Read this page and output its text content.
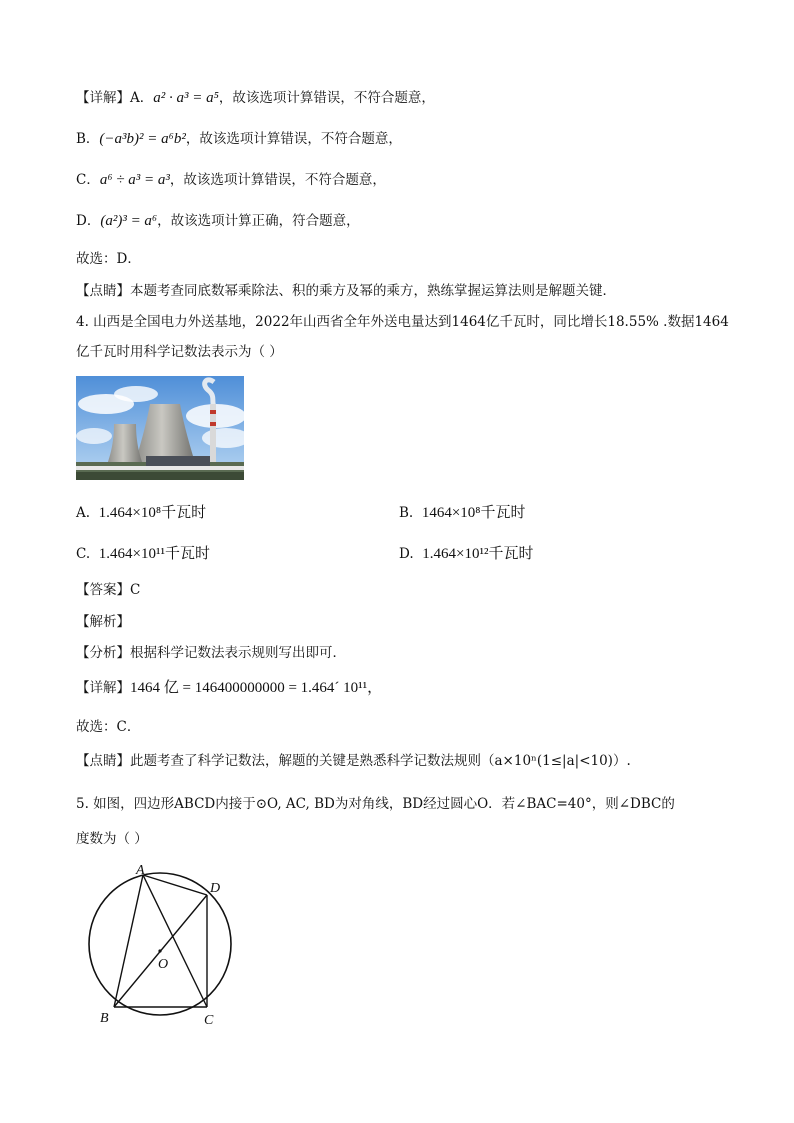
【详解】A．a² · a³ = a⁵，故该选项计算错误，不符合题意，
B．(−a³b)² = a⁶b²，故该选项计算错误，不符合题意，
C．a⁶ ÷ a³ = a³，故该选项计算错误，不符合题意，
D．(a²)³ = a⁶，故该选项计算正确，符合题意，
故选：D．
【点睛】本题考查同底数幂乘除法、积的乘方及幂的乘方，熟练掌握运算法则是解题关键．
4. 山西是全国电力外送基地，2022年山西省全年外送电量达到1464亿千瓦时，同比增长18.55% .数据1464
亿千瓦时用科学记数法表示为（ ）
A. 1.464×10⁸千瓦时	B. 1464×10⁸千瓦时
C. 1.464×10¹¹千瓦时	D. 1.464×10¹²千瓦时
【答案】C
【解析】
【分析】根据科学记数法表示规则写出即可．
【详解】1464 亿 = 146400000000 = 1.464´ 10¹¹，
故选：C．
【点睛】此题考查了科学记数法，解题的关键是熟悉科学记数法规则（a×10ⁿ(1≤|a|<10)）.
5. 如图，四边形ABCD内接于⊙O, AC, BD为对角线，BD经过圆心O．若∠BAC=40°，则∠DBC的
度数为（ ）
A
D
O
B	C
